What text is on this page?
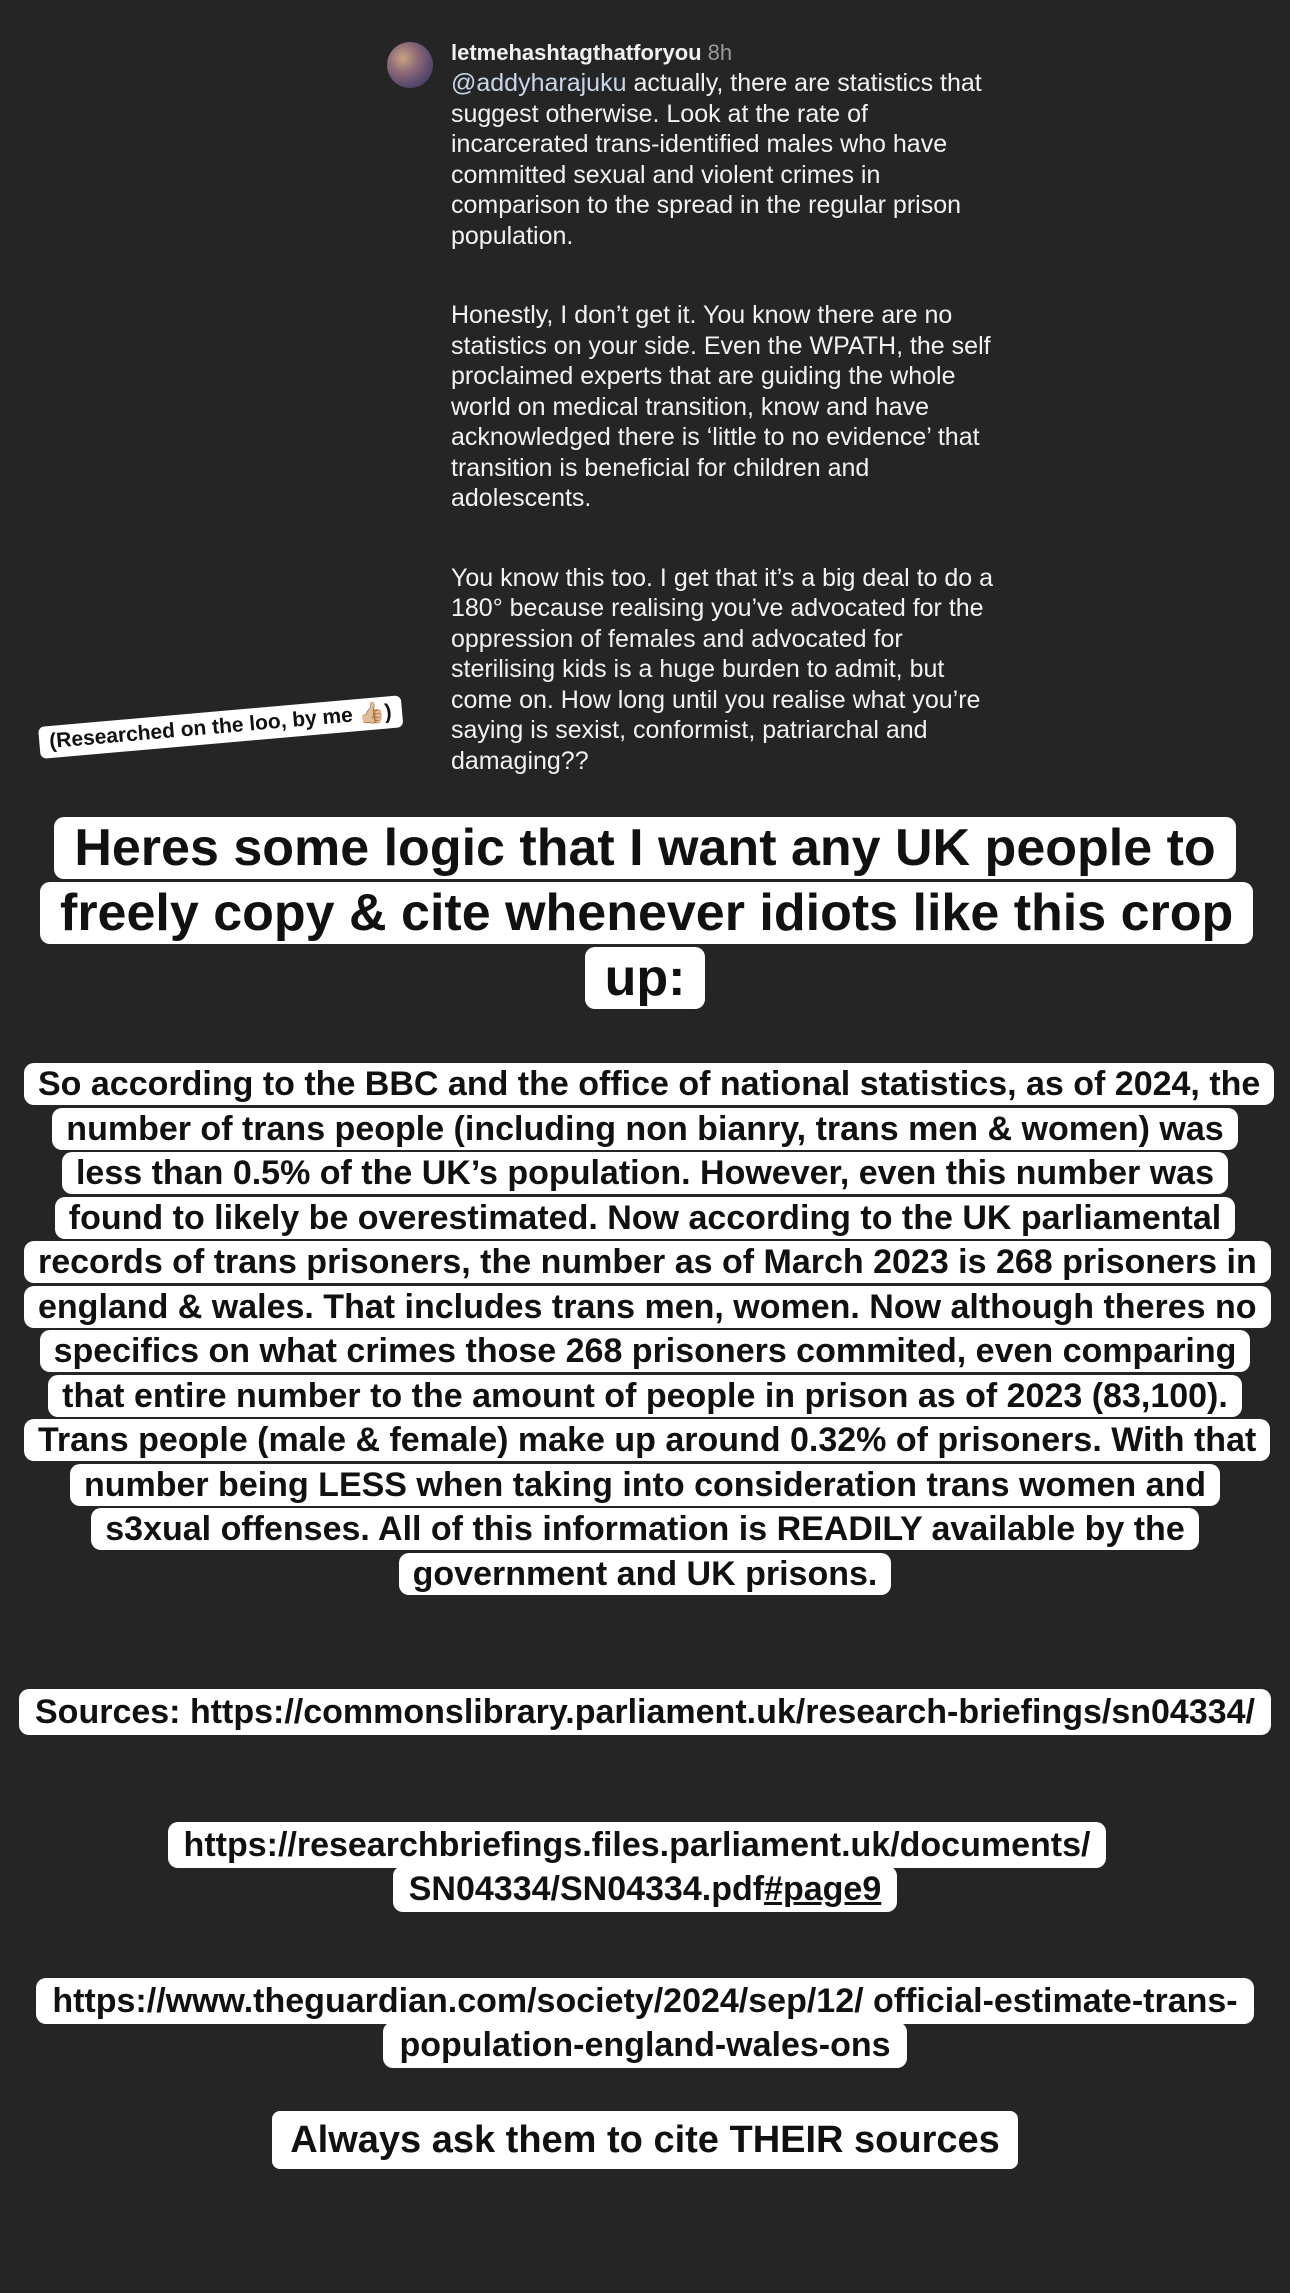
letmehashtagthatforyou 8h

@addyharajuku actually, there are statistics that suggest otherwise. Look at the rate of incarcerated trans-identified males who have committed sexual and violent crimes in comparison to the spread in the regular prison population.

Honestly, I don’t get it. You know there are no statistics on your side. Even the WPATH, the self proclaimed experts that are guiding the whole world on medical transition, know and have acknowledged there is ‘little to no evidence’ that transition is beneficial for children and adolescents.

You know this too. I get that it’s a big deal to do a 180° because realising you’ve advocated for the oppression of females and advocated for sterilising kids is a huge burden to admit, but come on. How long until you realise what you’re saying is sexist, conformist, patriarchal and damaging??

(Researched on the loo, by me 👍🏼)
Heres some logic that I want any UK people to freely copy & cite whenever idiots like this crop up:
So according to the BBC and the office of national statistics, as of 2024, the number of trans people (including non bianry, trans men & women) was less than 0.5% of the UK’s population. However, even this number was found to likely be overestimated. Now according to the UK parliamental records of trans prisoners, the number as of March 2023 is 268 prisoners in england & wales. That includes trans men, women. Now although theres no specifics on what crimes those 268 prisoners commited, even comparing that entire number to the amount of people in prison as of 2023 (83,100). Trans people (male & female) make up around 0.32% of prisoners. With that number being LESS when taking into consideration trans women and s3xual offenses. All of this information is READILY available by the government and UK prisons.
Sources: https://commonslibrary.parliament.uk/research-briefings/sn04334/
https://researchbriefings.files.parliament.uk/documents/ SN04334/SN04334.pdf#page9
https://www.theguardian.com/society/2024/sep/12/ official-estimate-trans-population-england-wales-ons
Always ask them to cite THEIR sources
